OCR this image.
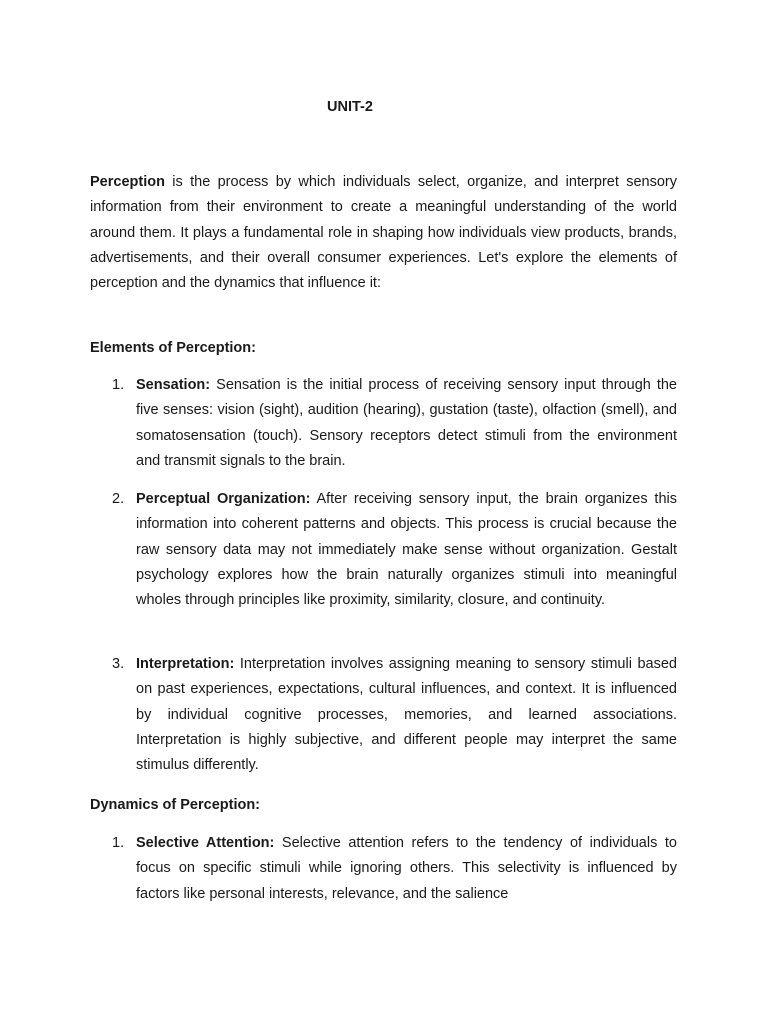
UNIT-2

Perception is the process by which individuals select, organize, and interpret sensory information from their environment to create a meaningful understanding of the world around them. It plays a fundamental role in shaping how individuals view products, brands, advertisements, and their overall consumer experiences. Let's explore the elements of perception and the dynamics that influence it:

Elements of Perception:
1. Sensation: Sensation is the initial process of receiving sensory input through the five senses: vision (sight), audition (hearing), gustation (taste), olfaction (smell), and somatosensation (touch). Sensory receptors detect stimuli from the environment and transmit signals to the brain.
2. Perceptual Organization: After receiving sensory input, the brain organizes this information into coherent patterns and objects. This process is crucial because the raw sensory data may not immediately make sense without organization. Gestalt psychology explores how the brain naturally organizes stimuli into meaningful wholes through principles like proximity, similarity, closure, and continuity.
3. Interpretation: Interpretation involves assigning meaning to sensory stimuli based on past experiences, expectations, cultural influences, and context. It is influenced by individual cognitive processes, memories, and learned associations. Interpretation is highly subjective, and different people may interpret the same stimulus differently.
Dynamics of Perception:
1. Selective Attention: Selective attention refers to the tendency of individuals to focus on specific stimuli while ignoring others. This selectivity is influenced by factors like personal interests, relevance, and the salience
